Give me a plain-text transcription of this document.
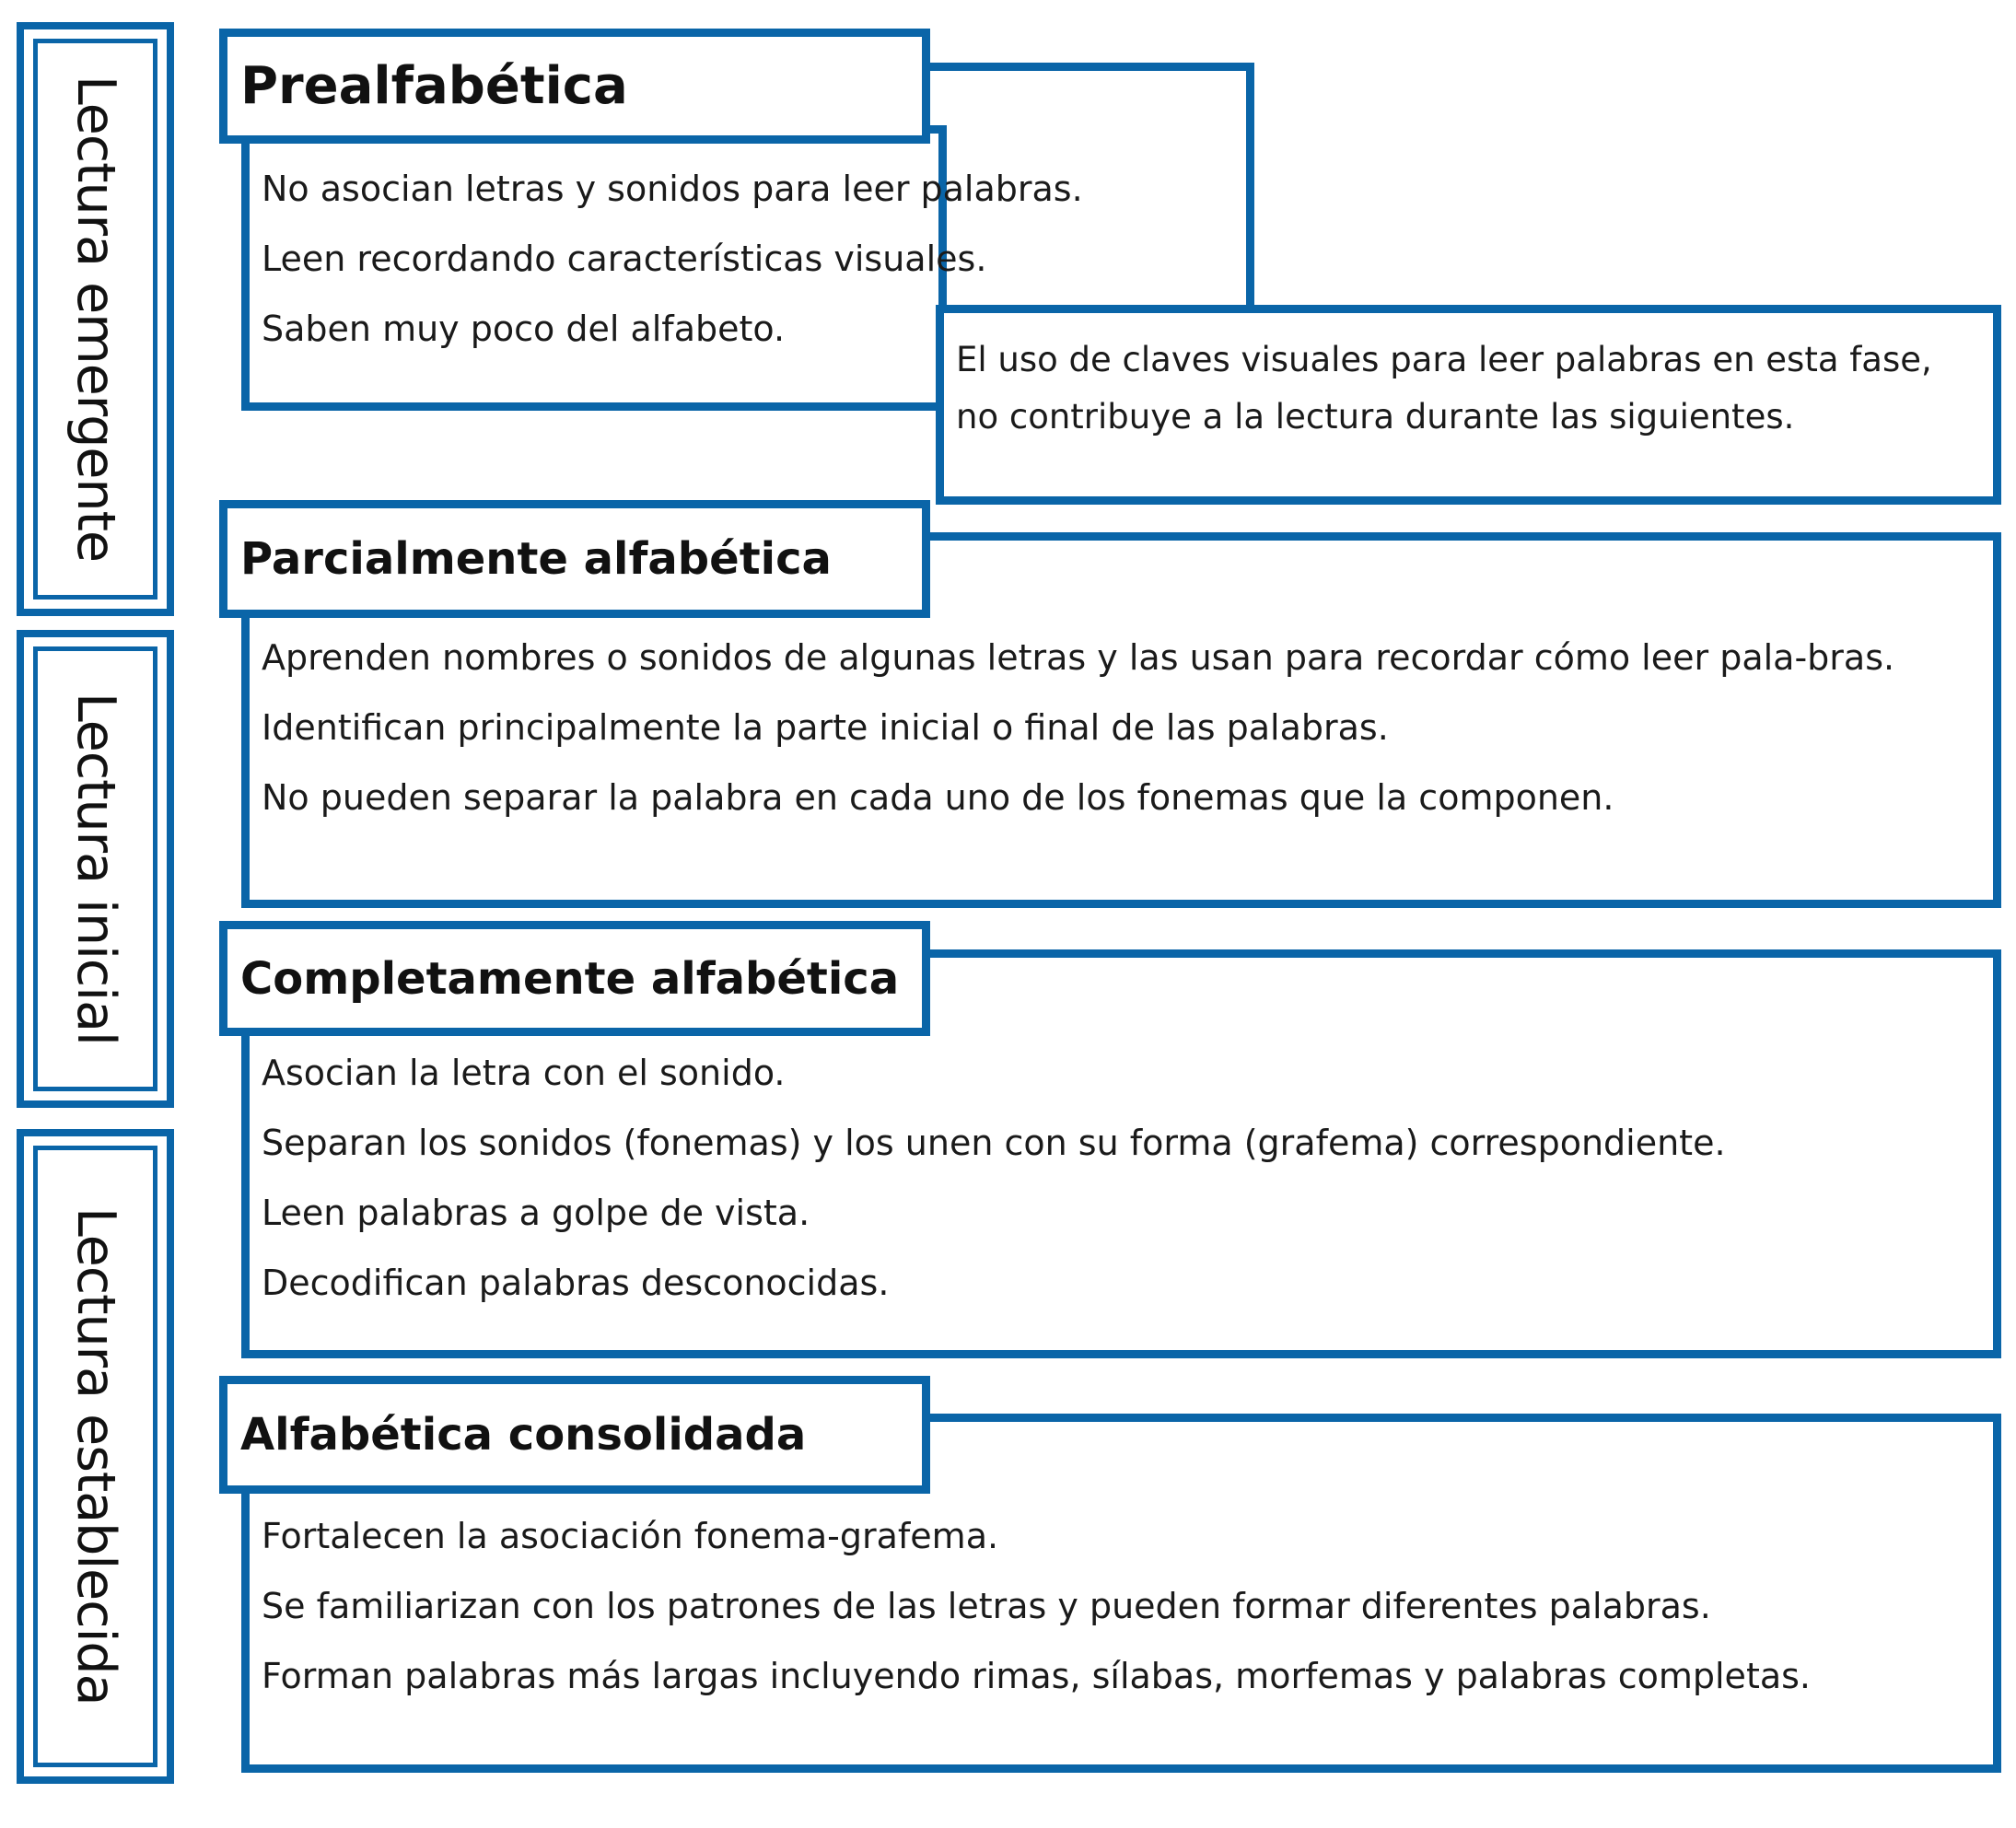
Lectura emergente
Lectura inicial
Lectura establecida
Prealfabética
No asocian letras y sonidos para leer palabras.
Leen recordando características visuales.
Saben muy poco del alfabeto.
El uso de claves visuales para leer palabras en esta fase, no contribuye a la lectura durante las siguientes.
Parcialmente alfabética
Aprenden nombres o sonidos de algunas letras y las usan para recordar cómo leer pala-bras.
Identifican principalmente la parte inicial o final de las palabras.
No pueden separar la palabra en cada uno de los fonemas que la componen.
Completamente alfabética
Asocian la letra con el sonido.
Separan los sonidos (fonemas) y los unen con su forma (grafema) correspondiente.
Leen palabras a golpe de vista.
Decodifican palabras desconocidas.
Alfabética consolidada
Fortalecen la asociación fonema-grafema.
Se familiarizan con los patrones de las letras y pueden formar diferentes palabras.
Forman palabras más largas incluyendo rimas, sílabas, morfemas y palabras completas.
